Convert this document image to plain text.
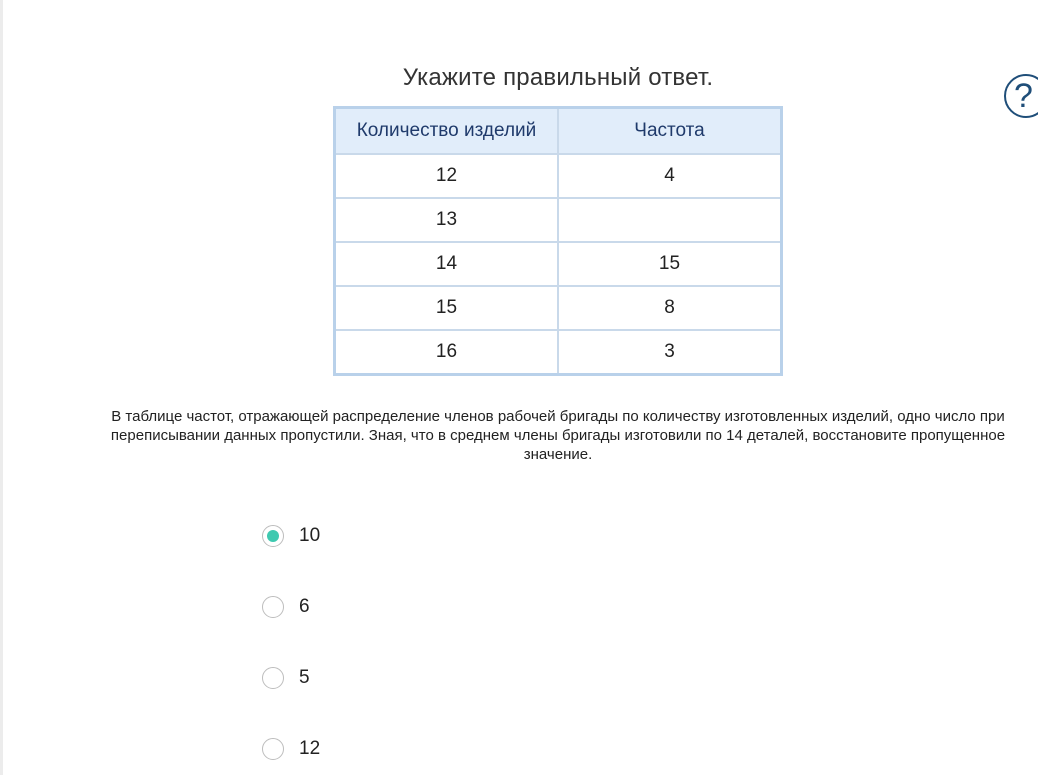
Укажите правильный ответ.	?
Количество изделий	Частота
12	4
13	
14	15
15	8
16	3
В таблице частот, отражающей распределение членов рабочей бригады по количеству изготовленных изделий, одно число при переписывании данных пропустили. Зная, что в среднем члены бригады изготовили по 14 деталей, восстановите пропущенное значение.
10
6
5
12
